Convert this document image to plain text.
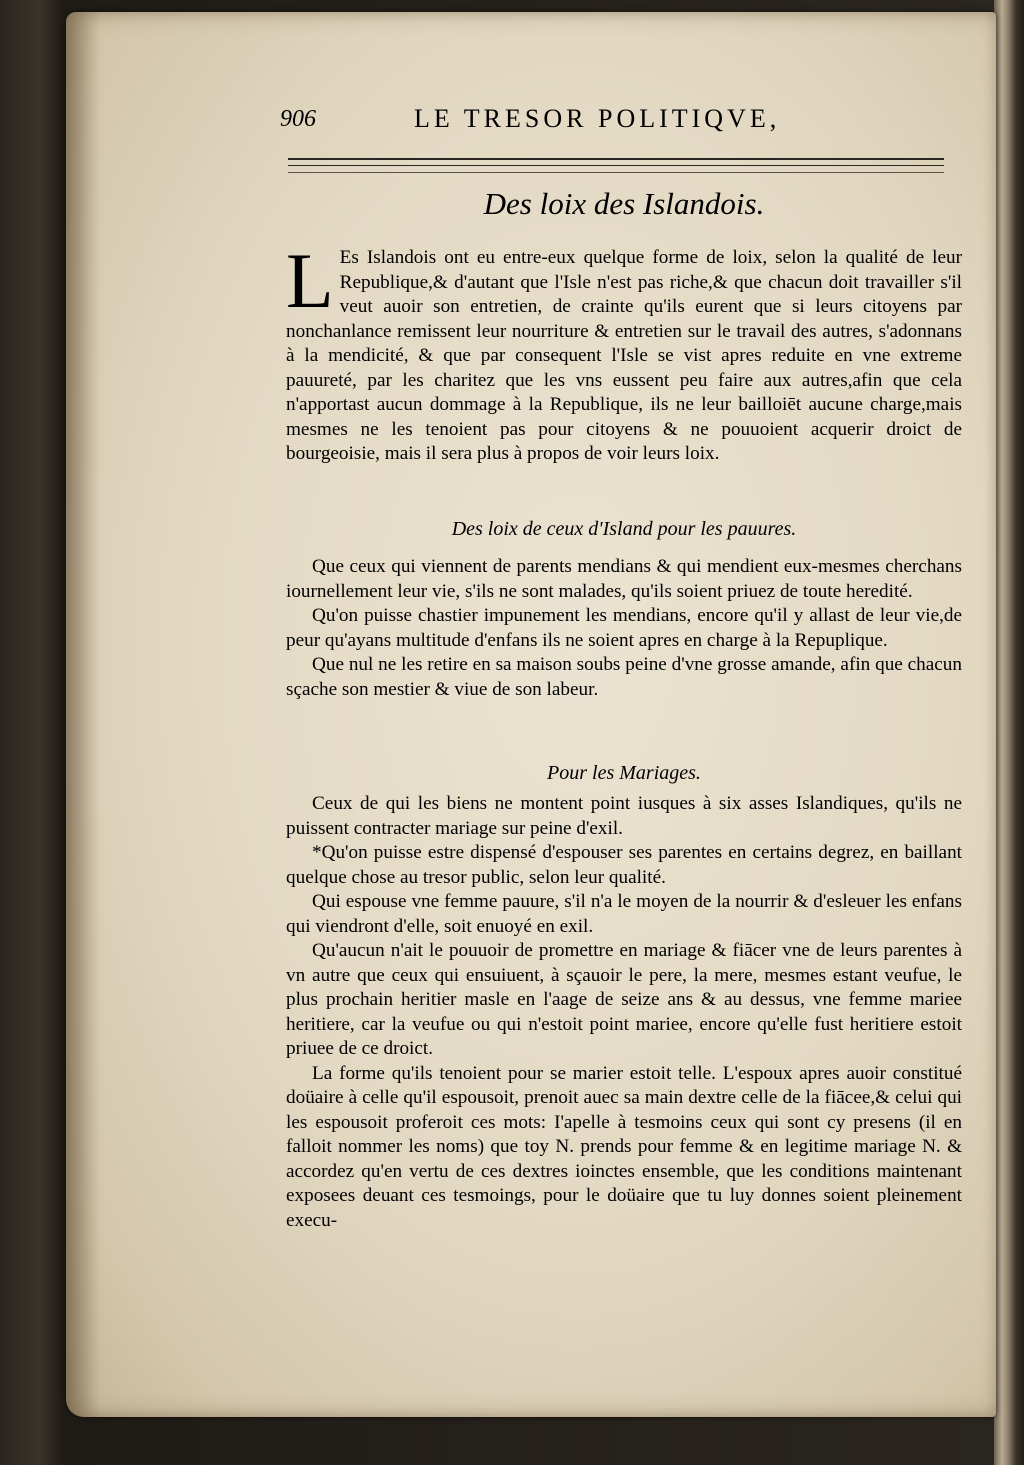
906	LE TRESOR POLITIQVE,
Des loix des Islandois.

L Es Islandois ont eu entre-eux quelque forme de loix, selon la qualité de leur Republique,& d'autant que l'Isle n'est pas riche,& que chacun doit travailler s'il veut auoir son entretien, de crainte qu'ils eurent que si leurs citoyens par nonchanlance remissent leur nourriture & entretien sur le travail des autres, s'adonnans à la mendicité, & que par consequent l'Isle se vist apres reduite en vne extreme pauureté, par les charitez que les vns eussent peu faire aux autres,afin que cela n'apportast aucun dommage à la Republique, ils ne leur bailloiēt aucune charge,mais mesmes ne les tenoient pas pour citoyens & ne pouuoient acquerir droict de bourgeoisie, mais il sera plus à propos de voir leurs loix.

Des loix de ceux d'Island pour les pauures.

Que ceux qui viennent de parents mendians & qui mendient eux-mesmes cherchans iournellement leur vie, s'ils ne sont malades, qu'ils soient priuez de toute heredité.

Qu'on puisse chastier impunement les mendians, encore qu'il y allast de leur vie,de peur qu'ayans multitude d'enfans ils ne soient apres en charge à la Repuplique.

Que nul ne les retire en sa maison soubs peine d'vne grosse amande, afin que chacun sçache son mestier & viue de son labeur.

Pour les Mariages.

Ceux de qui les biens ne montent point iusques à six asses Islandiques, qu'ils ne puissent contracter mariage sur peine d'exil.

*Qu'on puisse estre dispensé d'espouser ses parentes en certains degrez, en baillant quelque chose au tresor public, selon leur qualité.

Qui espouse vne femme pauure, s'il n'a le moyen de la nourrir & d'esleuer les enfans qui viendront d'elle, soit enuoyé en exil.

Qu'aucun n'ait le pouuoir de promettre en mariage & fiācer vne de leurs parentes à vn autre que ceux qui ensuiuent, à sçauoir le pere, la mere, mesmes estant veufue, le plus prochain heritier masle en l'aage de seize ans & au dessus, vne femme mariee heritiere, car la veufue ou qui n'estoit point mariee, encore qu'elle fust heritiere estoit priuee de ce droict.

La forme qu'ils tenoient pour se marier estoit telle. L'espoux apres auoir constitué doüaire à celle qu'il espousoit, prenoit auec sa main dextre celle de la fiācee,& celui qui les espousoit proferoit ces mots: I'apelle à tesmoins ceux qui sont cy presens (il en falloit nommer les noms) que toy N. prends pour femme & en legitime mariage N. & accordez qu'en vertu de ces dextres ioinctes ensemble, que les conditions maintenant exposees deuant ces tesmoings, pour le doüaire que tu luy donnes soient pleinement execu-
